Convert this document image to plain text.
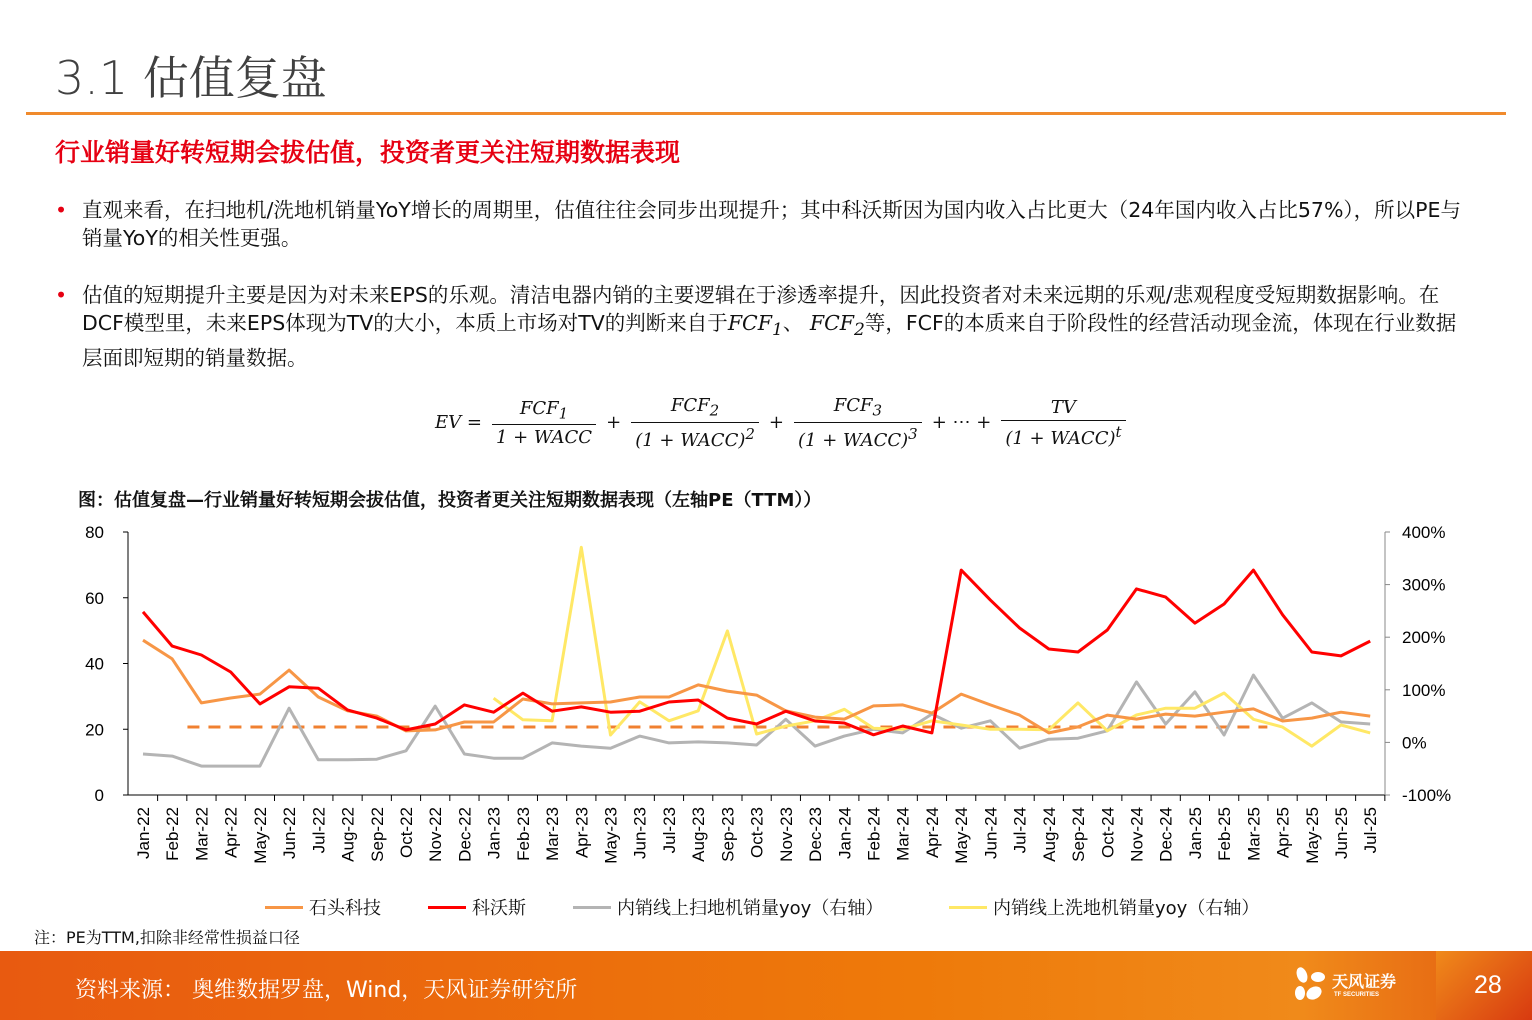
3.1 估值复盘
行业销量好转短期会拔估值，投资者更关注短期数据表现
• 直观来看，在扫地机/洗地机销量YoY增长的周期里，估值往往会同步出现提升；其中科沃斯因为国内收入占比更大（24年国内收入占比57%），所以PE与销量YoY的相关性更强。
• 估值的短期提升主要是因为对未来EPS的乐观。清洁电器内销的主要逻辑在于渗透率提升，因此投资者对未来远期的乐观/悲观程度受短期数据影响。在DCF模型里，未来EPS体现为TV的大小，本质上市场对TV的判断来自于$FCF_1$、 $FCF_2$等，FCF的本质来自于阶段性的经营活动现金流，体现在行业数据层面即短期的销量数据。
EV = $\frac{FCF_1}{\text{1 + WACC}} + \frac{FCF_2}{(1 + WACC)^2} + \frac{FCF_3}{(1 + WACC)^3}$ + ⋯ + $\frac{TV}{(1 + WACC)^t}$
图：估值复盘—行业销量好转短期会拔估值，投资者更关注短期数据表现（左轴PE（TTM））
0
20
40
60
80
-100%
0%
100%
200%
300%
400%
Jan-22 Feb-22 Mar-22 Apr-22 May-22 Jun-22 Jul-22 Aug-22 Sep-22 Oct-22 Nov-22 Dec-22 Jan-23 Feb-23 Mar-23 Apr-23 May-23 Jun-23 Jul-23 Aug-23 Sep-23 Oct-23 Nov-23 Dec-23 Jan-24 Feb-24 Mar-24 Apr-24 May-24 Jun-24 Jul-24 Aug-24 Sep-24 Oct-24 Nov-24 Dec-24 Jan-25 Feb-25 Mar-25 Apr-25 May-25 Jun-25 Jul-25
石头科技	科沃斯	内销线上扫地机销量yoy（右轴）	内销线上洗地机销量yoy（右轴）
注：PE为TTM,扣除非经常性损益口径
资料来源： 奥维数据罗盘，Wind，天风证券研究所	天风证券
TF SECURITIES	28
